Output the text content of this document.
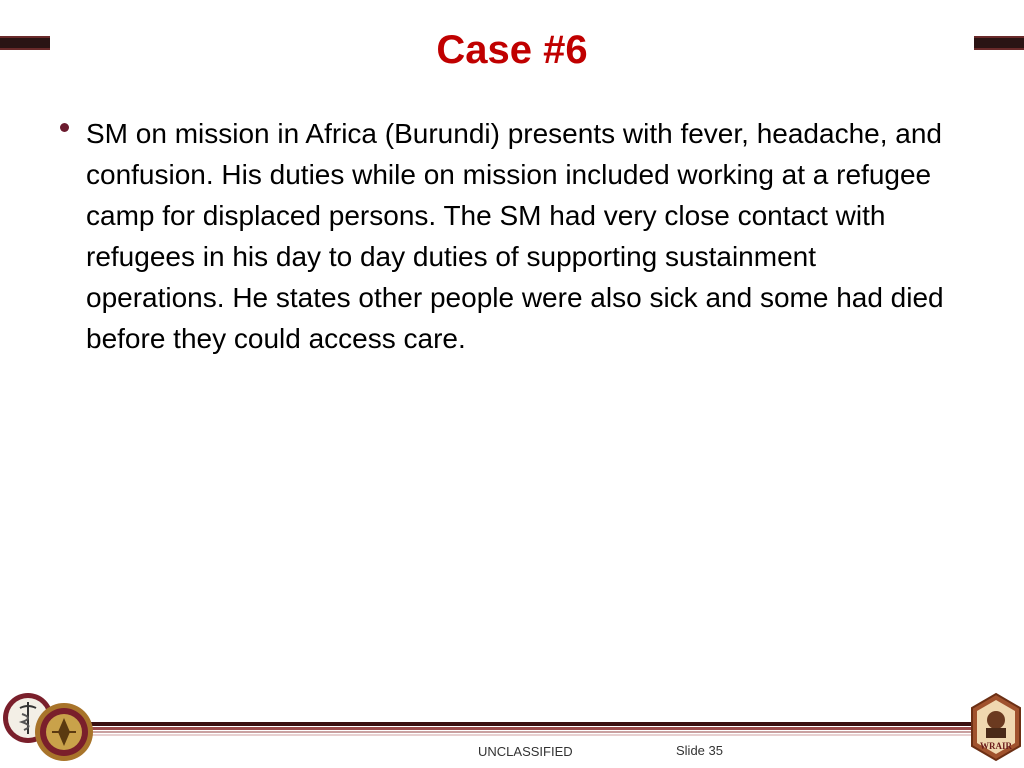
Case #6
SM on mission in Africa (Burundi) presents with fever, headache, and confusion. His duties while on mission included working at a refugee camp for displaced persons. The SM had very close contact with refugees in his day to day duties of supporting sustainment operations. He states other people were also sick and some had died before they could access care.
WRAIR
UNCLASSIFIED	Slide 35
